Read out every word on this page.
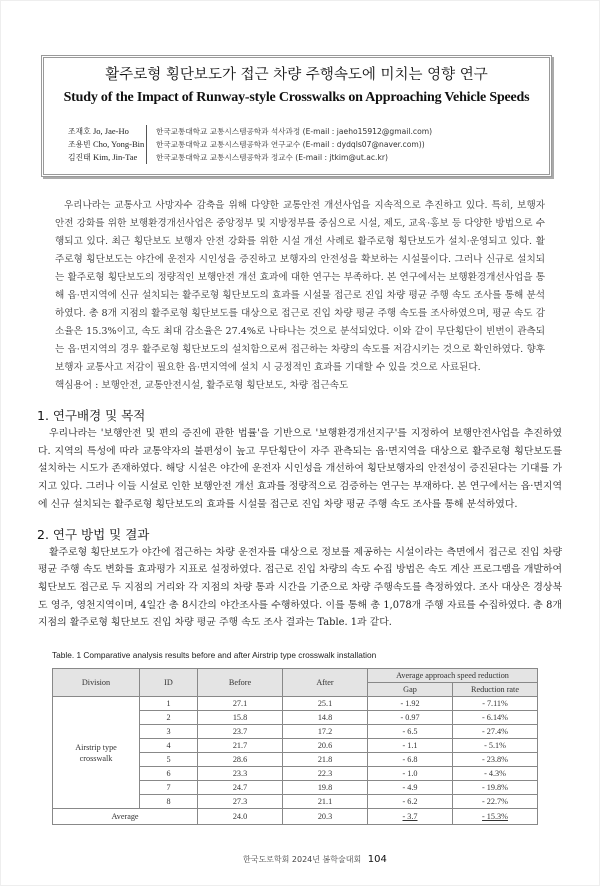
활주로형 횡단보도가 접근 차량 주행속도에 미치는 영향 연구
Study of the Impact of Runway-style Crosswalks on Approaching Vehicle Speeds
조재호 Jo, Jae-Ho	한국교통대학교 교통시스템공학과 석사과정 (E-mail : jaeho15912@gmail.com)
조용빈 Cho, Yong-Bin	한국교통대학교 교통시스템공학과 연구교수 (E-mail : dydqls07@naver.com))
김진태 Kim, Jin-Tae	한국교통대학교 교통시스템공학과 정교수 (E-mail : jtkim@ut.ac.kr)

우리나라는 교통사고 사망자수 감축을 위해 다양한 교통안전 개선사업을 지속적으로 추진하고 있다. 특히, 보행자 안전 강화를 위한 보행환경개선사업은 중앙정부 및 지방정부를 중심으로 시설, 제도, 교육·홍보 등 다양한 방법으로 수행되고 있다. 최근 횡단보도 보행자 안전 강화를 위한 시설 개선 사례로 활주로형 횡단보도가 설치·운영되고 있다. 활주로형 횡단보도는 야간에 운전자 시인성을 증진하고 보행자의 안전성을 확보하는 시설물이다. 그러나 신규로 설치되는 활주로형 횡단보도의 정량적인 보행안전 개선 효과에 대한 연구는 부족하다. 본 연구에서는 보행환경개선사업을 통해 읍·면지역에 신규 설치되는 활주로형 횡단보도의 효과를 시설물 접근로 진입 차량 평균 주행 속도 조사를 통해 분석하였다. 총 8개 지점의 활주로형 횡단보도를 대상으로 접근로 진입 차량 평균 주행 속도를 조사하였으며, 평균 속도 감소율은 15.3%이고, 속도 최대 감소율은 27.4%로 나타나는 것으로 분석되었다. 이와 같이 무단횡단이 빈번이 관측되는 읍·면지역의 경우 활주로형 횡단보도의 설치함으로써 접근하는 차량의 속도를 저감시키는 것으로 확인하였다. 향후 보행자 교통사고 저감이 필요한 읍·면지역에 설치 시 긍정적인 효과를 기대할 수 있을 것으로 사료된다.

핵심용어 : 보행안전, 교통안전시설, 활주로형 횡단보도, 차량 접근속도

1. 연구배경 및 목적

우리나라는 '보행안전 및 편의 증진에 관한 법률'을 기반으로 '보행환경개선지구'를 지정하여 보행안전사업을 추진하였다. 지역의 특성에 따라 교통약자의 불편성이 높고 무단횡단이 자주 관측되는 읍·면지역을 대상으로 활주로형 횡단보도를 설치하는 시도가 존재하였다. 해당 시설은 야간에 운전자 시인성을 개선하여 횡단보행자의 안전성이 증진된다는 기대를 가지고 있다. 그러나 이들 시설로 인한 보행안전 개선 효과를 정량적으로 검증하는 연구는 부재하다. 본 연구에서는 읍·면지역에 신규 설치되는 활주로형 횡단보도의 효과를 시설물 접근로 진입 차량 평균 주행 속도 조사를 통해 분석하였다.

2. 연구 방법 및 결과

활주로형 횡단보도가 야간에 접근하는 차량 운전자를 대상으로 정보를 제공하는 시설이라는 측면에서 접근로 진입 차량 평균 주행 속도 변화를 효과평가 지표로 설정하였다. 접근로 진입 차량의 속도 수집 방법은 속도 계산 프로그램을 개발하여 횡단보도 접근로 두 지점의 거리와 각 지점의 차량 통과 시간을 기준으로 차량 주행속도를 측정하였다. 조사 대상은 경상북도 영주, 영천지역이며, 4일간 총 8시간의 야간조사를 수행하였다. 이를 통해 총 1,078개 주행 자료를 수집하였다. 총 8개 지점의 활주로형 횡단보도 진입 차량 평균 주행 속도 조사 결과는 Table. 1과 같다.

Table. 1 Comparative analysis results before and after Airstrip type crosswalk installation
Division	ID	Before	After	Average approach speed reduction	
				Gap	Reduction rate
Airstrip type crosswalk	1	27.1	25.1	- 1.92	- 7.11%
	2	15.8	14.8	- 0.97	- 6.14%
	3	23.7	17.2	- 6.5	- 27.4%
	4	21.7	20.6	- 1.1	- 5.1%
	5	28.6	21.8	- 6.8	- 23.8%
	6	23.3	22.3	- 1.0	- 4.3%
	7	24.7	19.8	- 4.9	- 19.8%
	8	27.3	21.1	- 6.2	- 22.7%
Average		24.0	20.3	- 3.7	- 15.3%
한국도로학회 2024년 봄학술대회 104
